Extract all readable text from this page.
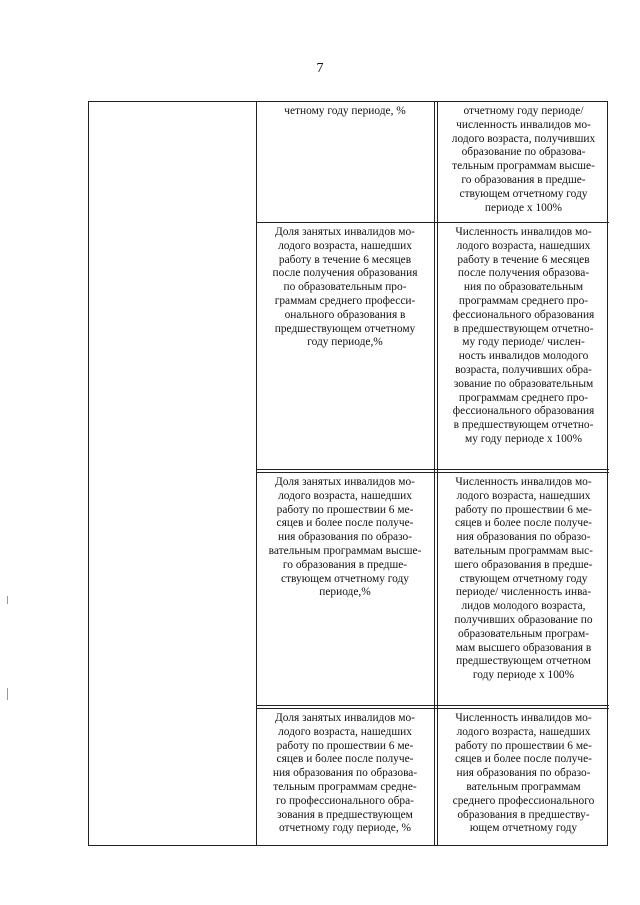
7
четному году периоде, %	отчетному году периоде/
численность инвалидов мо-
лодого возраста, получивших
образование по образова-
тельным программам высше-
го образования в предше-
ствующем отчетному году
периоде х 100%
Доля занятых инвалидов мо-
лодого возраста, нашедших
работу в течение 6 месяцев
после получения образования
по образовательным про-
граммам среднего професси-
онального образования в
предшествующем отчетному
году периоде,%
Численность инвалидов мо-
лодого возраста, нашедших
работу в течение 6 месяцев
после получения образова-
ния по образовательным
программам среднего про-
фессионального образования
в предшествующем отчетно-
му году периоде/ числен-
ность инвалидов молодого
возраста, получивших обра-
зование по образовательным
программам среднего про-
фессионального образования
в предшествующем отчетно-
му году периоде х 100%
Доля занятых инвалидов мо-
лодого возраста, нашедших
работу по прошествии 6 ме-
сяцев и более после получе-
ния образования по образо-
вательным программам высше-
го образования в предше-
ствующем отчетному году
периоде,%
Численность инвалидов мо-
лодого возраста, нашедших
работу по прошествии 6 ме-
сяцев и более после получе-
ния образования по образо-
вательным программам выс-
шего образования в предше-
ствующем отчетному году
периоде/ численность инва-
лидов молодого возраста,
получивших образование по
образовательным програм-
мам высшего образования в
предшествующем отчетном
году периоде х 100%
Доля занятых инвалидов мо-
лодого возраста, нашедших
работу по прошествии 6 ме-
сяцев и более после получе-
ния образования по образова-
тельным программам средне-
го профессионального обра-
зования в предшествующем
отчетному году периоде, %
Численность инвалидов мо-
лодого возраста, нашедших
работу по прошествии 6 ме-
сяцев и более после получе-
ния образования по образо-
вательным программам
среднего профессионального
образования в предшеству-
ющем отчетному году
